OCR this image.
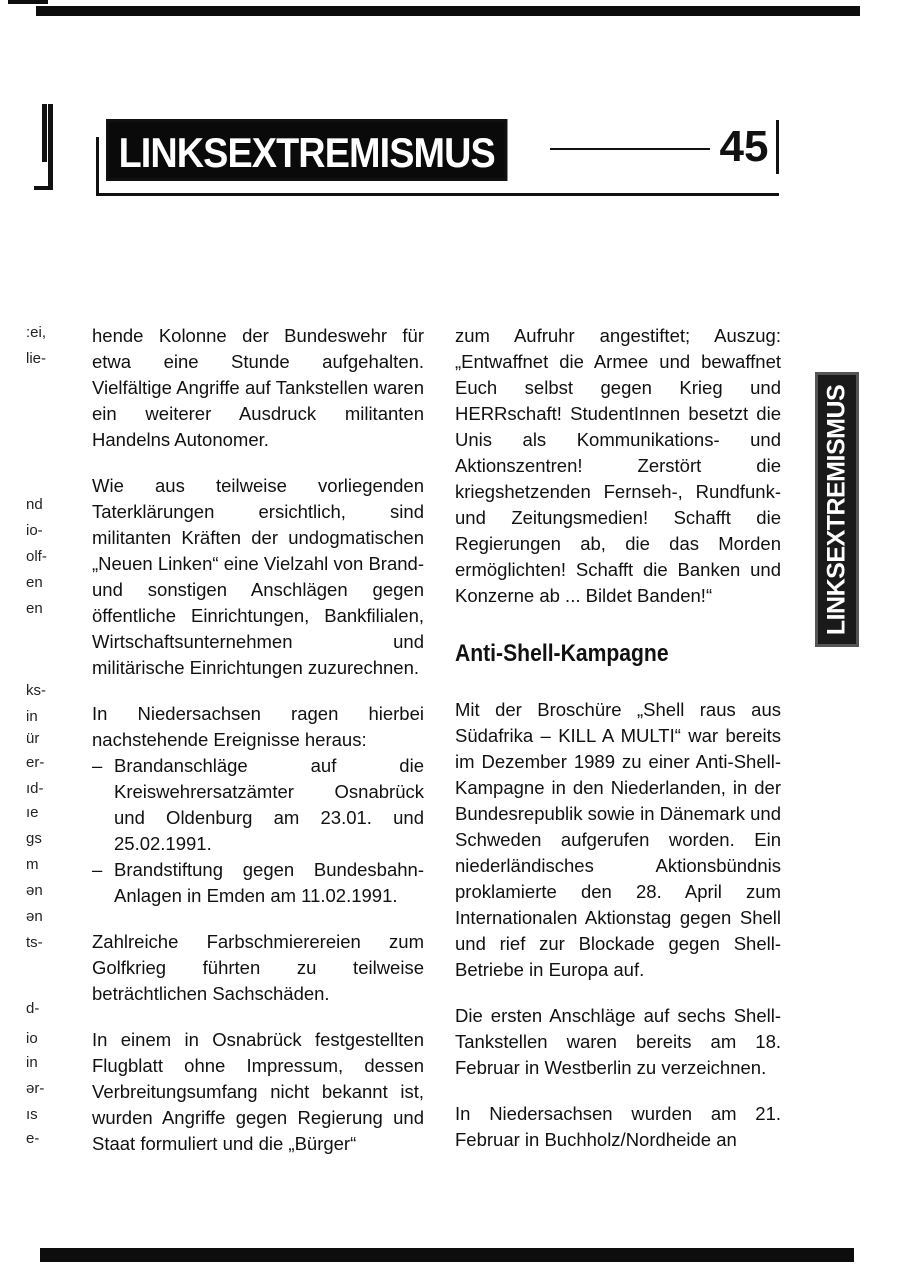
LINKSEXTREMISMUS	45
LINKSEXTREMISMUS
:ei,
lie-
nd
io-
olf-
en
en
ks-
in
ür
er-
ıd-
ıe
gs
m
ən
ən
ts-
d-
io
in
ər-
ıs
e-

hende Kolonne der Bundeswehr für etwa eine Stunde aufgehalten. Vielfältige Angriffe auf Tankstellen waren ein weiterer Ausdruck militanten Handelns Autonomer.

Wie aus teilweise vorliegenden Taterklärungen ersichtlich, sind militanten Kräften der undogmatischen „Neuen Linken“ eine Vielzahl von Brand- und sonstigen Anschlägen gegen öffentliche Einrichtungen, Bankfilialen, Wirtschaftsunternehmen und militärische Einrichtungen zuzurechnen.

In Niedersachsen ragen hierbei nachstehende Ereignisse heraus:

– Brandanschläge auf die Kreiswehrersatzämter Osnabrück und Oldenburg am 23.01. und 25.02.1991.
– Brandstiftung gegen Bundesbahn-Anlagen in Emden am 11.02.1991.

Zahlreiche Farbschmierereien zum Golfkrieg führten zu teilweise beträchtlichen Sachschäden.

In einem in Osnabrück festgestellten Flugblatt ohne Impressum, dessen Verbreitungsumfang nicht bekannt ist, wurden Angriffe gegen Regierung und Staat formuliert und die „Bürger“

zum Aufruhr angestiftet; Auszug: „Entwaffnet die Armee und bewaffnet Euch selbst gegen Krieg und HERRschaft! StudentInnen besetzt die Unis als Kommunikations- und Aktionszentren! Zerstört die kriegshetzenden Fernseh-, Rundfunk- und Zeitungsmedien! Schafft die Regierungen ab, die das Morden ermöglichten! Schafft die Banken und Konzerne ab ... Bildet Banden!“

Anti-Shell-Kampagne

Mit der Broschüre „Shell raus aus Südafrika – KILL A MULTI“ war bereits im Dezember 1989 zu einer Anti-Shell-Kampagne in den Niederlanden, in der Bundesrepublik sowie in Dänemark und Schweden aufgerufen worden. Ein niederländisches Aktionsbündnis proklamierte den 28. April zum Internationalen Aktionstag gegen Shell und rief zur Blockade gegen Shell-Betriebe in Europa auf.

Die ersten Anschläge auf sechs Shell-Tankstellen waren bereits am 18. Februar in Westberlin zu verzeichnen.

In Niedersachsen wurden am 21. Februar in Buchholz/Nordheide an
